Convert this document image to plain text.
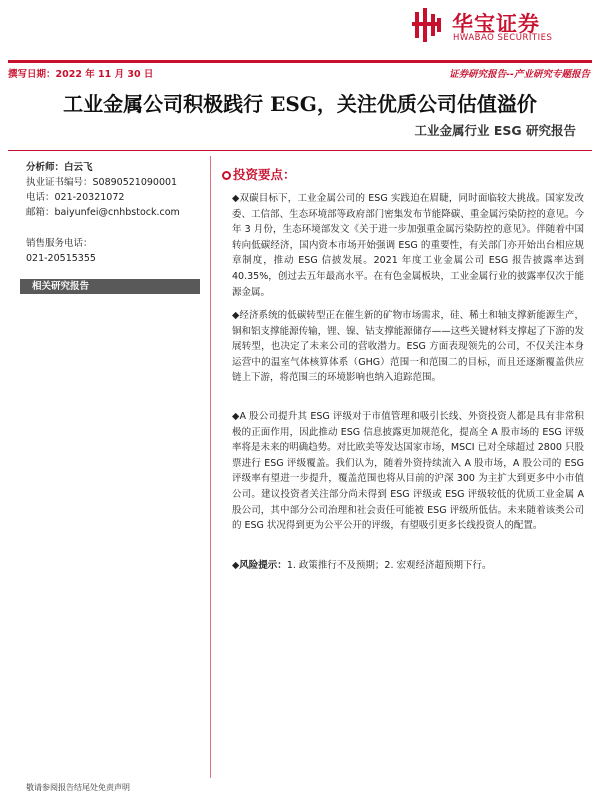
华宝证券
HWABAO SECURITIES
撰写日期：2022 年 11 月 30 日	证券研究报告--产业研究专题报告
工业金属公司积极践行 ESG，关注优质公司估值溢价
工业金属行业 ESG 研究报告
分析师：白云飞
执业证书编号：S0890521090001
电话：021-20321072
邮箱：baiyunfei@cnhbstock.com
销售服务电话：
021-20515355
相关研究报告
投资要点：
◆双碳目标下，工业金属公司的 ESG 实践迫在眉睫，同时面临较大挑战。国家发改委、工信部、生态环境部等政府部门密集发布节能降碳、重金属污染防控的意见。今年 3 月份，生态环境部发文《关于进一步加强重金属污染防控的意见》。伴随着中国转向低碳经济，国内资本市场开始强调 ESG 的重要性，有关部门亦开始出台相应规章制度，推动 ESG 信披发展。2021 年度工业金属公司 ESG 报告披露率达到 40.35%，创过去五年最高水平。在有色金属板块，工业金属行业的披露率仅次于能源金属。
◆经济系统的低碳转型正在催生新的矿物市场需求，硅、稀土和轴支撑新能源生产，铜和铝支撑能源传输，锂、镍、钴支撑能源储存——这些关键材料支撑起了下游的发展转型，也决定了未来公司的营收潜力。ESG 方面表现领先的公司，不仅关注本身运营中的温室气体核算体系（GHG）范围一和范围二的目标，而且还逐渐覆盖供应链上下游，将范围三的环境影响也纳入追踪范围。
◆A 股公司提升其 ESG 评级对于市值管理和吸引长线、外资投资人都是具有非常积极的正面作用，因此推动 ESG 信息披露更加规范化，提高全 A 股市场的 ESG 评级率将是未来的明确趋势。对比欧美等发达国家市场，MSCI 已对全球超过 2800 只股票进行 ESG 评级覆盖。我们认为，随着外资持续流入 A 股市场，A 股公司的 ESG 评级率有望进一步提升，覆盖范围也将从目前的沪深 300 为主扩大到更多中小市值公司。建议投资者关注部分尚未得到 ESG 评级或 ESG 评级较低的优质工业金属 A 股公司，其中部分公司治理和社会责任可能被 ESG 评级所低估。未来随着该类公司的 ESG 状况得到更为公平公开的评级，有望吸引更多长线投资人的配置。
◆风险提示：1. 政策推行不及预期；2. 宏观经济超预期下行。
敬请参阅报告结尾处免责声明
